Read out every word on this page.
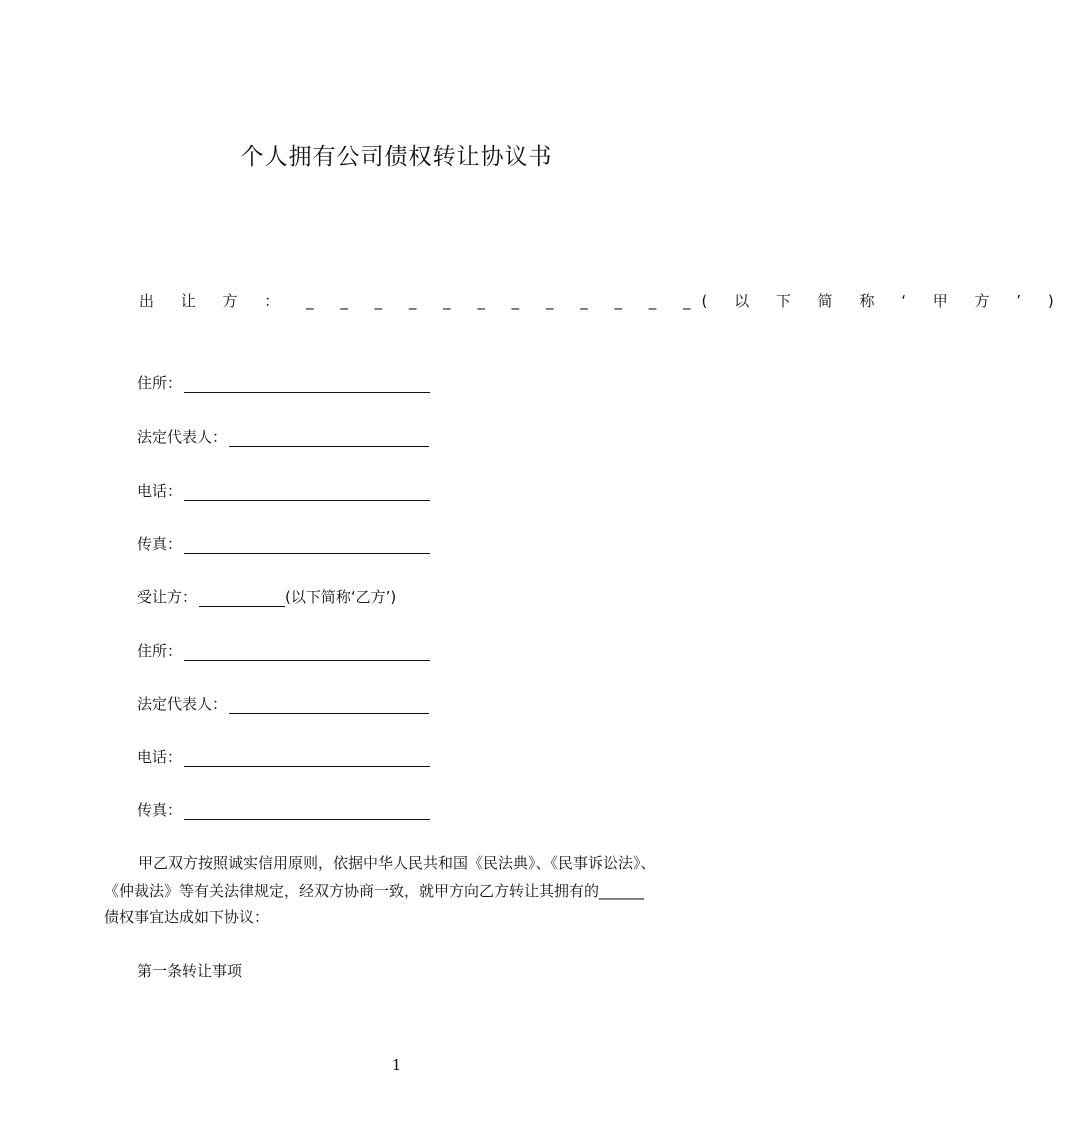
个人拥有公司债权转让协议书
出 让 方 ： _ _ _ _ _ _ _ _ _ _ _ _( 以 下 简 称 ‘ 甲 方 ’ )
住所：
法定代表人：
电话：
传真：
受让方：	(以下简称‘乙方’)
住所：
法定代表人：
电话：
传真：
甲乙双方按照诚实信用原则，依据中华人民共和国《民法典》、《民事诉讼法》、
《仲裁法》等有关法律规定，经双方协商一致，就甲方向乙方转让其拥有的______
债权事宜达成如下协议：
第一条转让事项
1
